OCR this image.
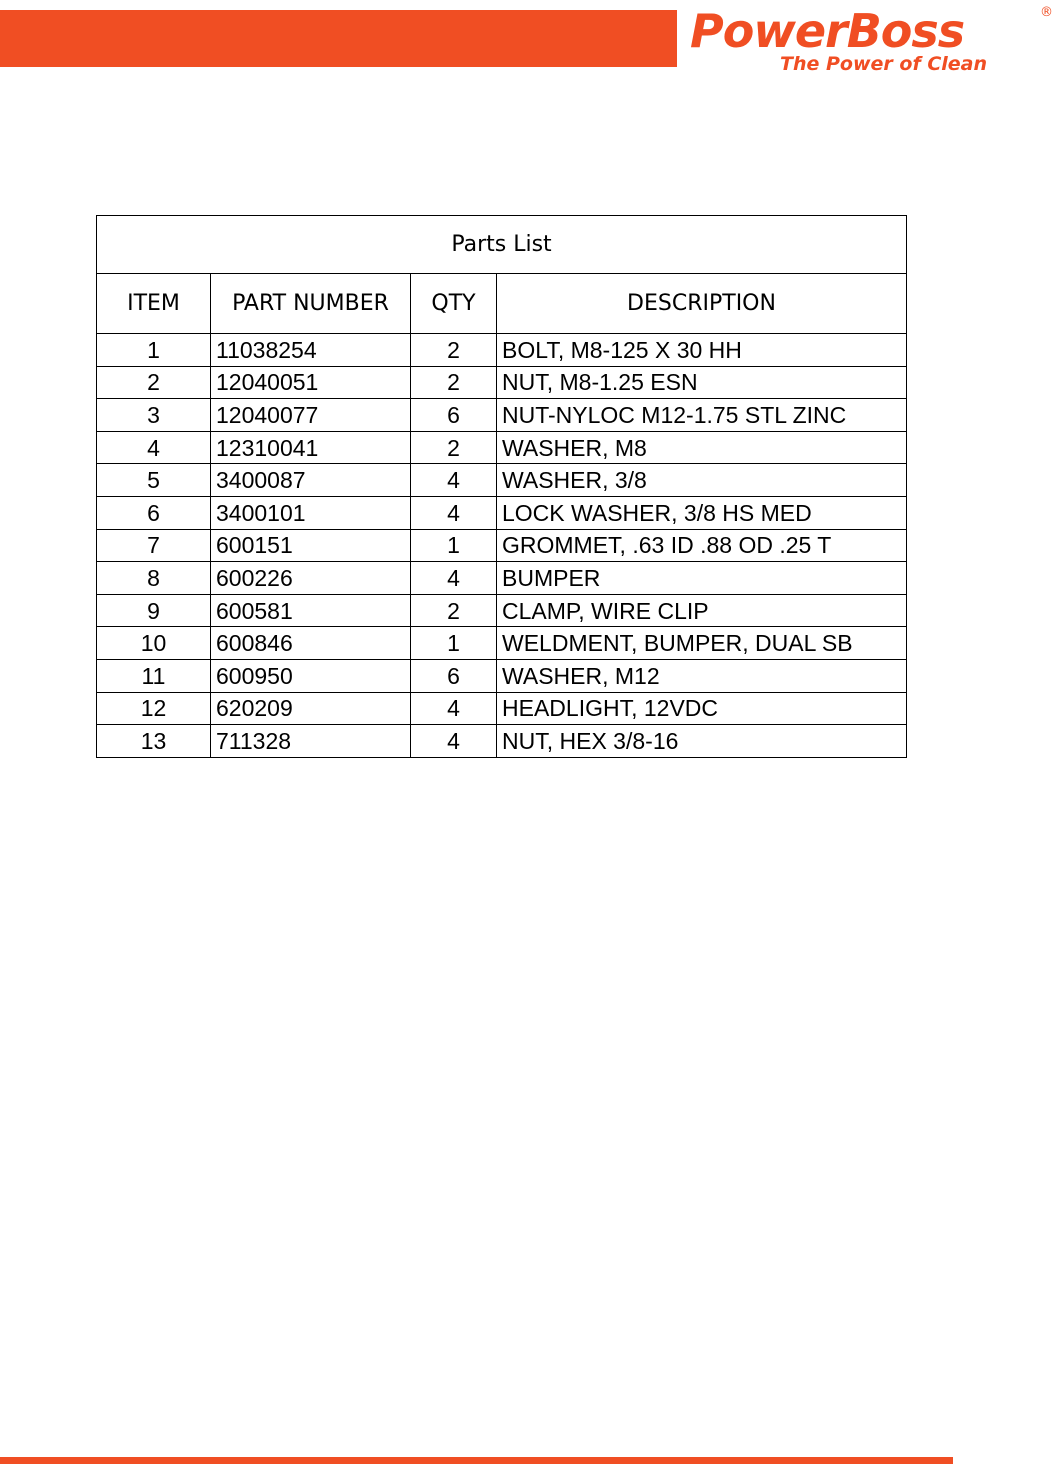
PowerBoss	®
The Power of Clean
Parts List			
ITEM	PART NUMBER	QTY	DESCRIPTION
1	11038254	2	BOLT, M8-125 X 30 HH
2	12040051	2	NUT, M8-1.25 ESN
3	12040077	6	NUT-NYLOC M12-1.75 STL ZINC
4	12310041	2	WASHER, M8
5	3400087	4	WASHER, 3/8
6	3400101	4	LOCK WASHER, 3/8 HS MED
7	600151	1	GROMMET, .63 ID .88 OD .25 T
8	600226	4	BUMPER
9	600581	2	CLAMP, WIRE CLIP
10	600846	1	WELDMENT, BUMPER, DUAL SB
11	600950	6	WASHER, M12
12	620209	4	HEADLIGHT, 12VDC
13	711328	4	NUT, HEX 3/8-16
